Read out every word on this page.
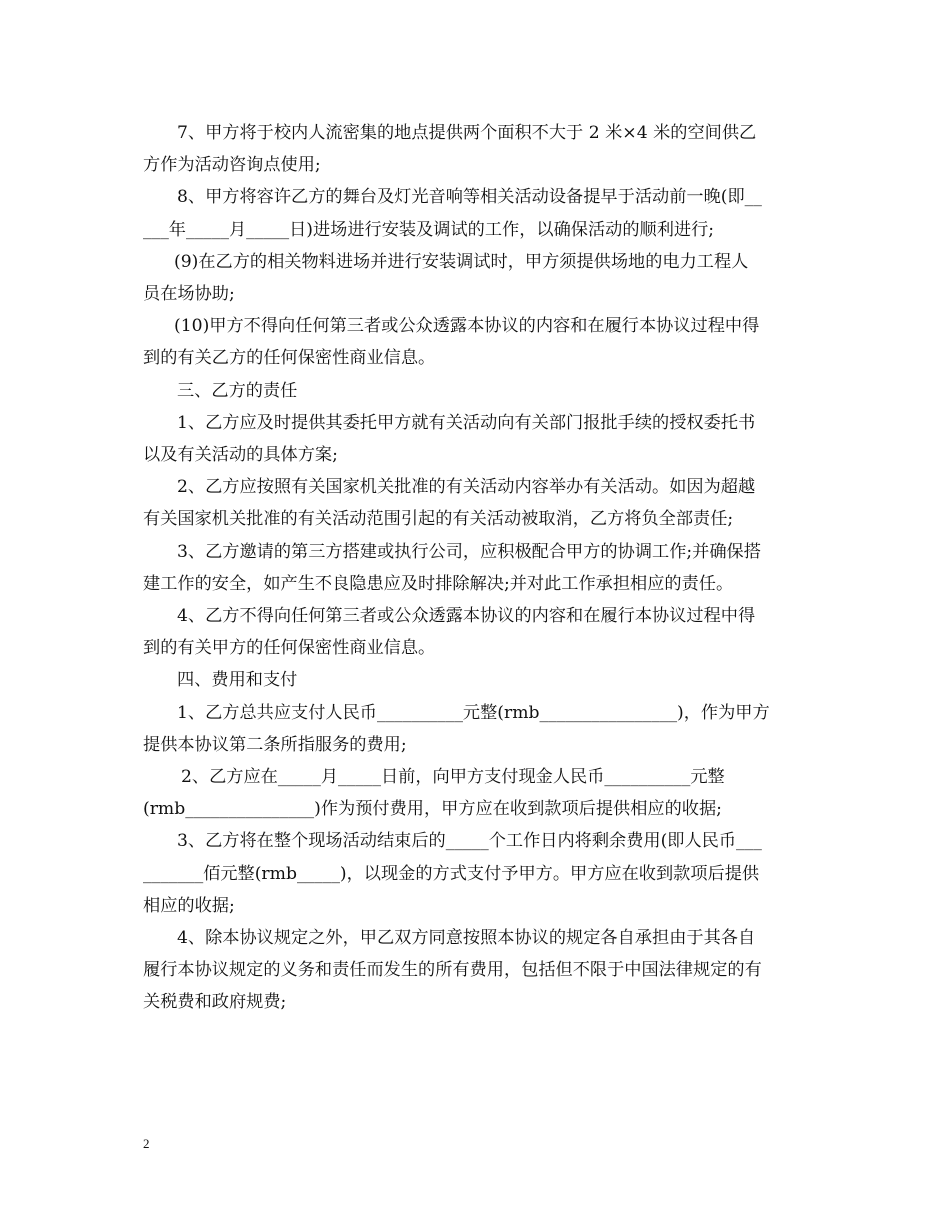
7、甲方将于校内人流密集的地点提供两个面积不大于 2 米×4 米的空间供乙
方作为活动咨询点使用;
8、甲方将容许乙方的舞台及灯光音响等相关活动设备提早于活动前一晚(即__
___年_____月_____日)进场进行安装及调试的工作，以确保活动的顺利进行;
(9)在乙方的相关物料进场并进行安装调试时，甲方须提供场地的电力工程人
员在场协助;
(10)甲方不得向任何第三者或公众透露本协议的内容和在履行本协议过程中得
到的有关乙方的任何保密性商业信息。
三、乙方的责任
1、乙方应及时提供其委托甲方就有关活动向有关部门报批手续的授权委托书
以及有关活动的具体方案;
2、乙方应按照有关国家机关批准的有关活动内容举办有关活动。如因为超越
有关国家机关批准的有关活动范围引起的有关活动被取消，乙方将负全部责任;
3、乙方邀请的第三方搭建或执行公司，应积极配合甲方的协调工作;并确保搭
建工作的安全，如产生不良隐患应及时排除解决;并对此工作承担相应的责任。
4、乙方不得向任何第三者或公众透露本协议的内容和在履行本协议过程中得
到的有关甲方的任何保密性商业信息。
四、费用和支付
1、乙方总共应支付人民币__________元整(rmb________________)，作为甲方
提供本协议第二条所指服务的费用;
2、乙方应在_____月_____日前，向甲方支付现金人民币__________元整
(rmb_______________)作为预付费用，甲方应在收到款项后提供相应的收据;
3、乙方将在整个现场活动结束后的_____个工作日内将剩余费用(即人民币___
_______佰元整(rmb_____)，以现金的方式支付予甲方。甲方应在收到款项后提供
相应的收据;
4、除本协议规定之外，甲乙双方同意按照本协议的规定各自承担由于其各自
履行本协议规定的义务和责任而发生的所有费用，包括但不限于中国法律规定的有
关税费和政府规费;
2
